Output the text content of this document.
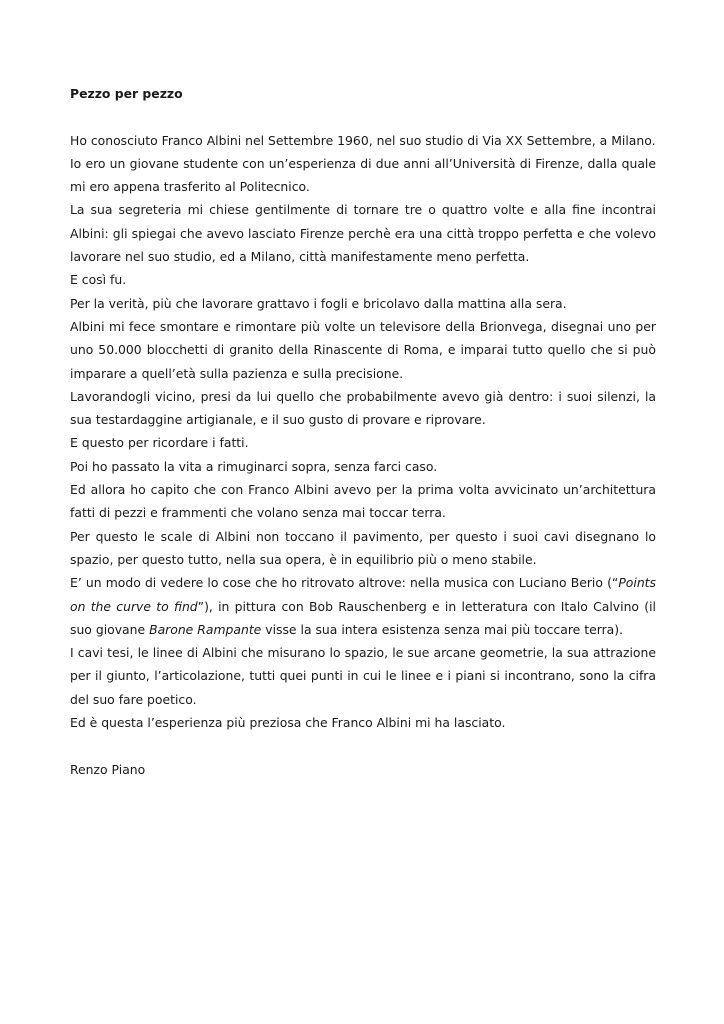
Pezzo per pezzo

Ho conosciuto Franco Albini nel Settembre 1960, nel suo studio di Via XX Settembre, a Milano.

Io ero un giovane studente con un’esperienza di due anni all’Università di Firenze, dalla quale mi ero appena trasferito al Politecnico.

La sua segreteria mi chiese gentilmente di tornare tre o quattro volte e alla fine incontrai Albini: gli spiegai che avevo lasciato Firenze perchè era una città troppo perfetta e che volevo lavorare nel suo studio, ed a Milano, città manifestamente meno perfetta.

E così fu.

Per la verità, più che lavorare grattavo i fogli e bricolavo dalla mattina alla sera.

Albini mi fece smontare e rimontare più volte un televisore della Brionvega, disegnai uno per uno 50.000 blocchetti di granito della Rinascente di Roma, e imparai tutto quello che si può imparare a quell’età sulla pazienza e sulla precisione.

Lavorandogli vicino, presi da lui quello che probabilmente avevo già dentro: i suoi silenzi, la sua testardaggine artigianale, e il suo gusto di provare e riprovare.

E questo per ricordare i fatti.

Poi ho passato la vita a rimuginarci sopra, senza farci caso.

Ed allora ho capito che con Franco Albini avevo per la prima volta avvicinato un’architettura fatti di pezzi e frammenti che volano senza mai toccar terra.

Per questo le scale di Albini non toccano il pavimento, per questo i suoi cavi disegnano lo spazio, per questo tutto, nella sua opera, è in equilibrio più o meno stabile.

E’ un modo di vedere lo cose che ho ritrovato altrove: nella musica con Luciano Berio (“Points on the curve to find”), in pittura con Bob Rauschenberg e in letteratura con Italo Calvino (il suo giovane Barone Rampante visse la sua intera esistenza senza mai più toccare terra).

I cavi tesi, le linee di Albini che misurano lo spazio, le sue arcane geometrie, la sua attrazione per il giunto, l’articolazione, tutti quei punti in cui le linee e i piani si incontrano, sono la cifra del suo fare poetico.

Ed è questa l’esperienza più preziosa che Franco Albini mi ha lasciato.

Renzo Piano
